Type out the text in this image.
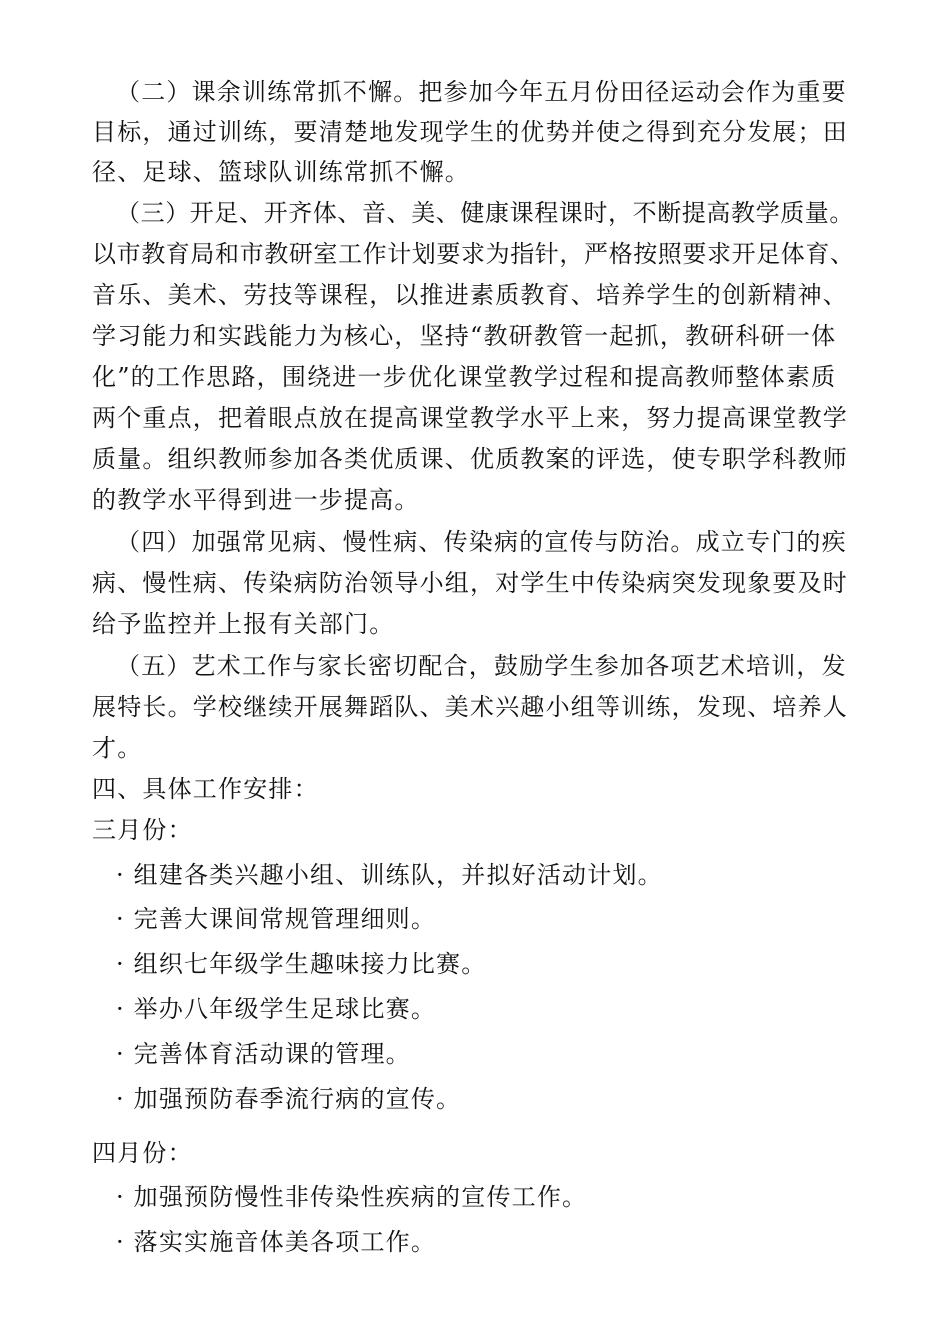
（二）课余训练常抓不懈。把参加今年五月份田径运动会作为重要
目标，通过训练，要清楚地发现学生的优势并使之得到充分发展；田
径、足球、篮球队训练常抓不懈。
（三）开足、开齐体、音、美、健康课程课时，不断提高教学质量。
以市教育局和市教研室工作计划要求为指针，严格按照要求开足体育、
音乐、美术、劳技等课程，以推进素质教育、培养学生的创新精神、
学习能力和实践能力为核心，坚持“教研教管一起抓，教研科研一体
化”的工作思路，围绕进一步优化课堂教学过程和提高教师整体素质
两个重点，把着眼点放在提高课堂教学水平上来，努力提高课堂教学
质量。组织教师参加各类优质课、优质教案的评选，使专职学科教师
的教学水平得到进一步提高。
（四）加强常见病、慢性病、传染病的宣传与防治。成立专门的疾
病、慢性病、传染病防治领导小组，对学生中传染病突发现象要及时
给予监控并上报有关部门。
（五）艺术工作与家长密切配合，鼓励学生参加各项艺术培训，发
展特长。学校继续开展舞蹈队、美术兴趣小组等训练，发现、培养人
才。
四、具体工作安排：
三月份：
· 组建各类兴趣小组、训练队，并拟好活动计划。
· 完善大课间常规管理细则。
· 组织七年级学生趣味接力比赛。
· 举办八年级学生足球比赛。
· 完善体育活动课的管理。
· 加强预防春季流行病的宣传。
四月份：
· 加强预防慢性非传染性疾病的宣传工作。
· 落实实施音体美各项工作。
